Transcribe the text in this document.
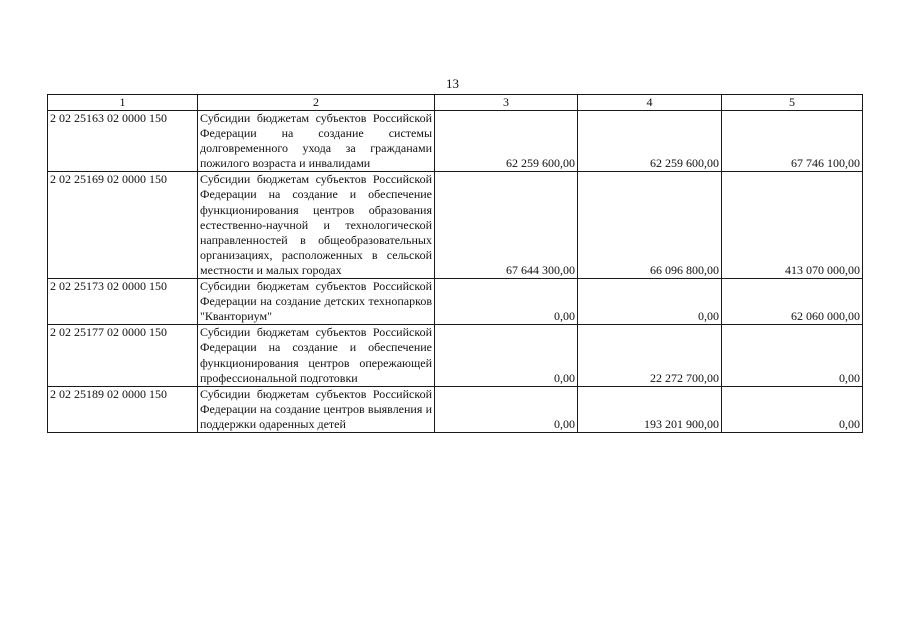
13
1	2	3	4	5
2 02 25163 02 0000 150	Субсидии бюджетам субъектов Российской Федерации на создание системы долговременного ухода за гражданами пожилого возраста и инвалидами	62 259 600,00	62 259 600,00	67 746 100,00
2 02 25169 02 0000 150	Субсидии бюджетам субъектов Российской Федерации на создание и обеспечение функционирования центров образования естественно-научной и технологической направленностей в общеобразовательных организациях, расположенных в сельской местности и малых городах	67 644 300,00	66 096 800,00	413 070 000,00
2 02 25173 02 0000 150	Субсидии бюджетам субъектов Российской Федерации на создание детских технопарков "Кванториум"	0,00	0,00	62 060 000,00
2 02 25177 02 0000 150	Субсидии бюджетам субъектов Российской Федерации на создание и обеспечение функционирования центров опережающей профессиональной подготовки	0,00	22 272 700,00	0,00
2 02 25189 02 0000 150	Субсидии бюджетам субъектов Российской Федерации на создание центров выявления и поддержки одаренных детей	0,00	193 201 900,00	0,00
